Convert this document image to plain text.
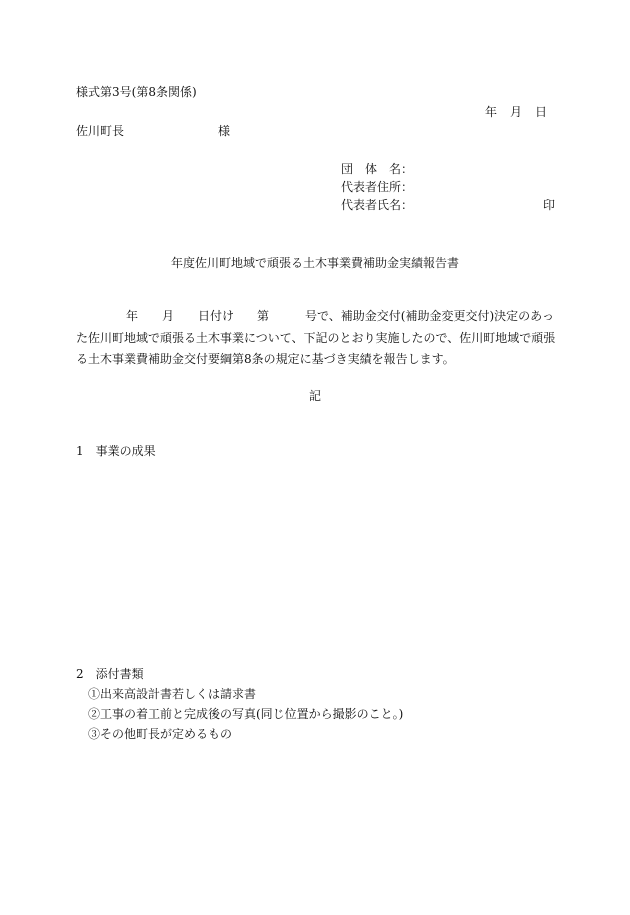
様式第3号(第8条関係)
年 月 日
佐川町長	様
団　体　名：
代表者住所：
代表者氏名：	印
年度佐川町地域で頑張る土木事業費補助金実績報告書
年 月 日付け 第	号で、補助金交付(補助金変更交付)決定のあっ
た佐川町地域で頑張る土木事業について、下記のとおり実施したので、佐川町地域で頑張
る土木事業費補助金交付要綱第8条の規定に基づき実績を報告します。
記
1　事業の成果
2　添付書類
①出来高設計書若しくは請求書
②工事の着工前と完成後の写真(同じ位置から撮影のこと。)
③その他町長が定めるもの
